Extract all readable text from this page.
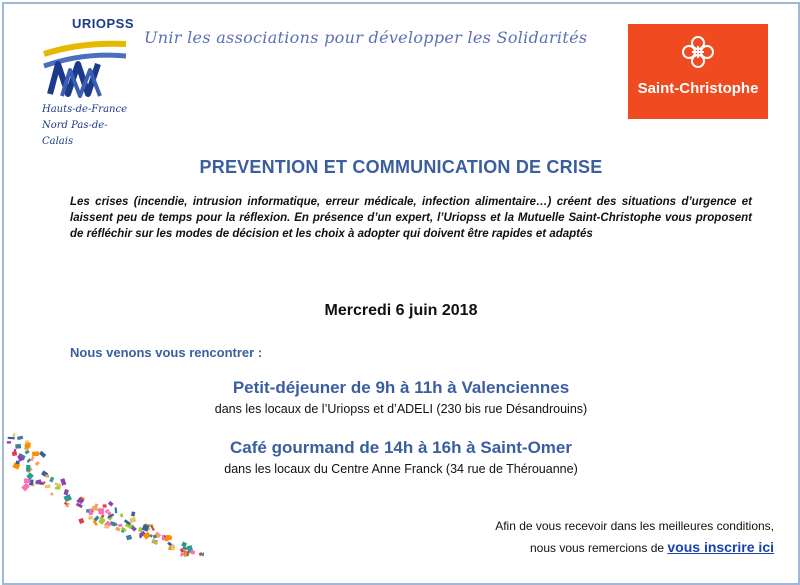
URIOPSS
Hauts-de-France
Nord Pas-de-Calais
Unir les associations pour développer les Solidarités
Saint-Christophe
PREVENTION ET COMMUNICATION DE CRISE
Les crises (incendie, intrusion informatique, erreur médicale, infection alimentaire…) créent des situations d’urgence et laissent peu de temps pour la réflexion. En présence d’un expert, l’Uriopss et la Mutuelle Saint-Christophe vous proposent de réfléchir sur les modes de décision et les choix à adopter qui doivent être rapides et adaptés
Mercredi 6 juin 2018
Nous venons vous rencontrer :
Petit-déjeuner de 9h à 11h à Valenciennes
dans les locaux de l’Uriopss et d’ADELI (230 bis rue Désandrouins)
Café gourmand de 14h à 16h à Saint-Omer
dans les locaux du Centre Anne Franck (34 rue de Thérouanne)
Afin de vous recevoir dans les meilleures conditions,
nous vous remercions de vous inscrire ici
